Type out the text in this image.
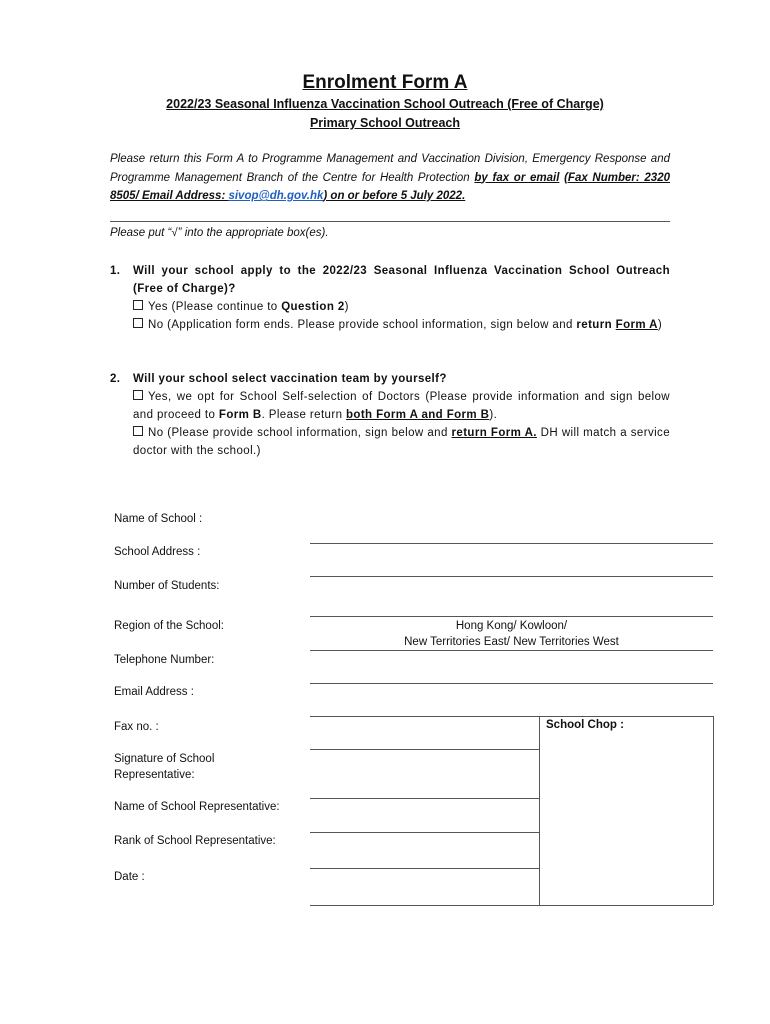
Enrolment Form A
2022/23 Seasonal Influenza Vaccination School Outreach (Free of Charge)
Primary School Outreach
Please return this Form A to Programme Management and Vaccination Division, Emergency Response and Programme Management Branch of the Centre for Health Protection by fax or email (Fax Number: 2320 8505/ Email Address: sivop@dh.gov.hk) on or before 5 July 2022.
Please put “√” into the appropriate box(es).
1. Will your school apply to the 2022/23 Seasonal Influenza Vaccination School Outreach (Free of Charge)?
Yes (Please continue to Question 2)
No (Application form ends. Please provide school information, sign below and return Form A)
2. Will your school select vaccination team by yourself?
Yes, we opt for School Self-selection of Doctors (Please provide information and sign below and proceed to Form B. Please return both Form A and Form B).
No (Please provide school information, sign below and return Form A. DH will match a service doctor with the school.)
Name of School :
School Address :
Number of Students:
Region of the School:	Hong Kong/ Kowloon/
New Territories East/ New Territories West
Telephone Number:
Email Address :
Fax no. :
Signature of School
Representative:
Name of School Representative:
Rank of School Representative:
Date :
School Chop :
